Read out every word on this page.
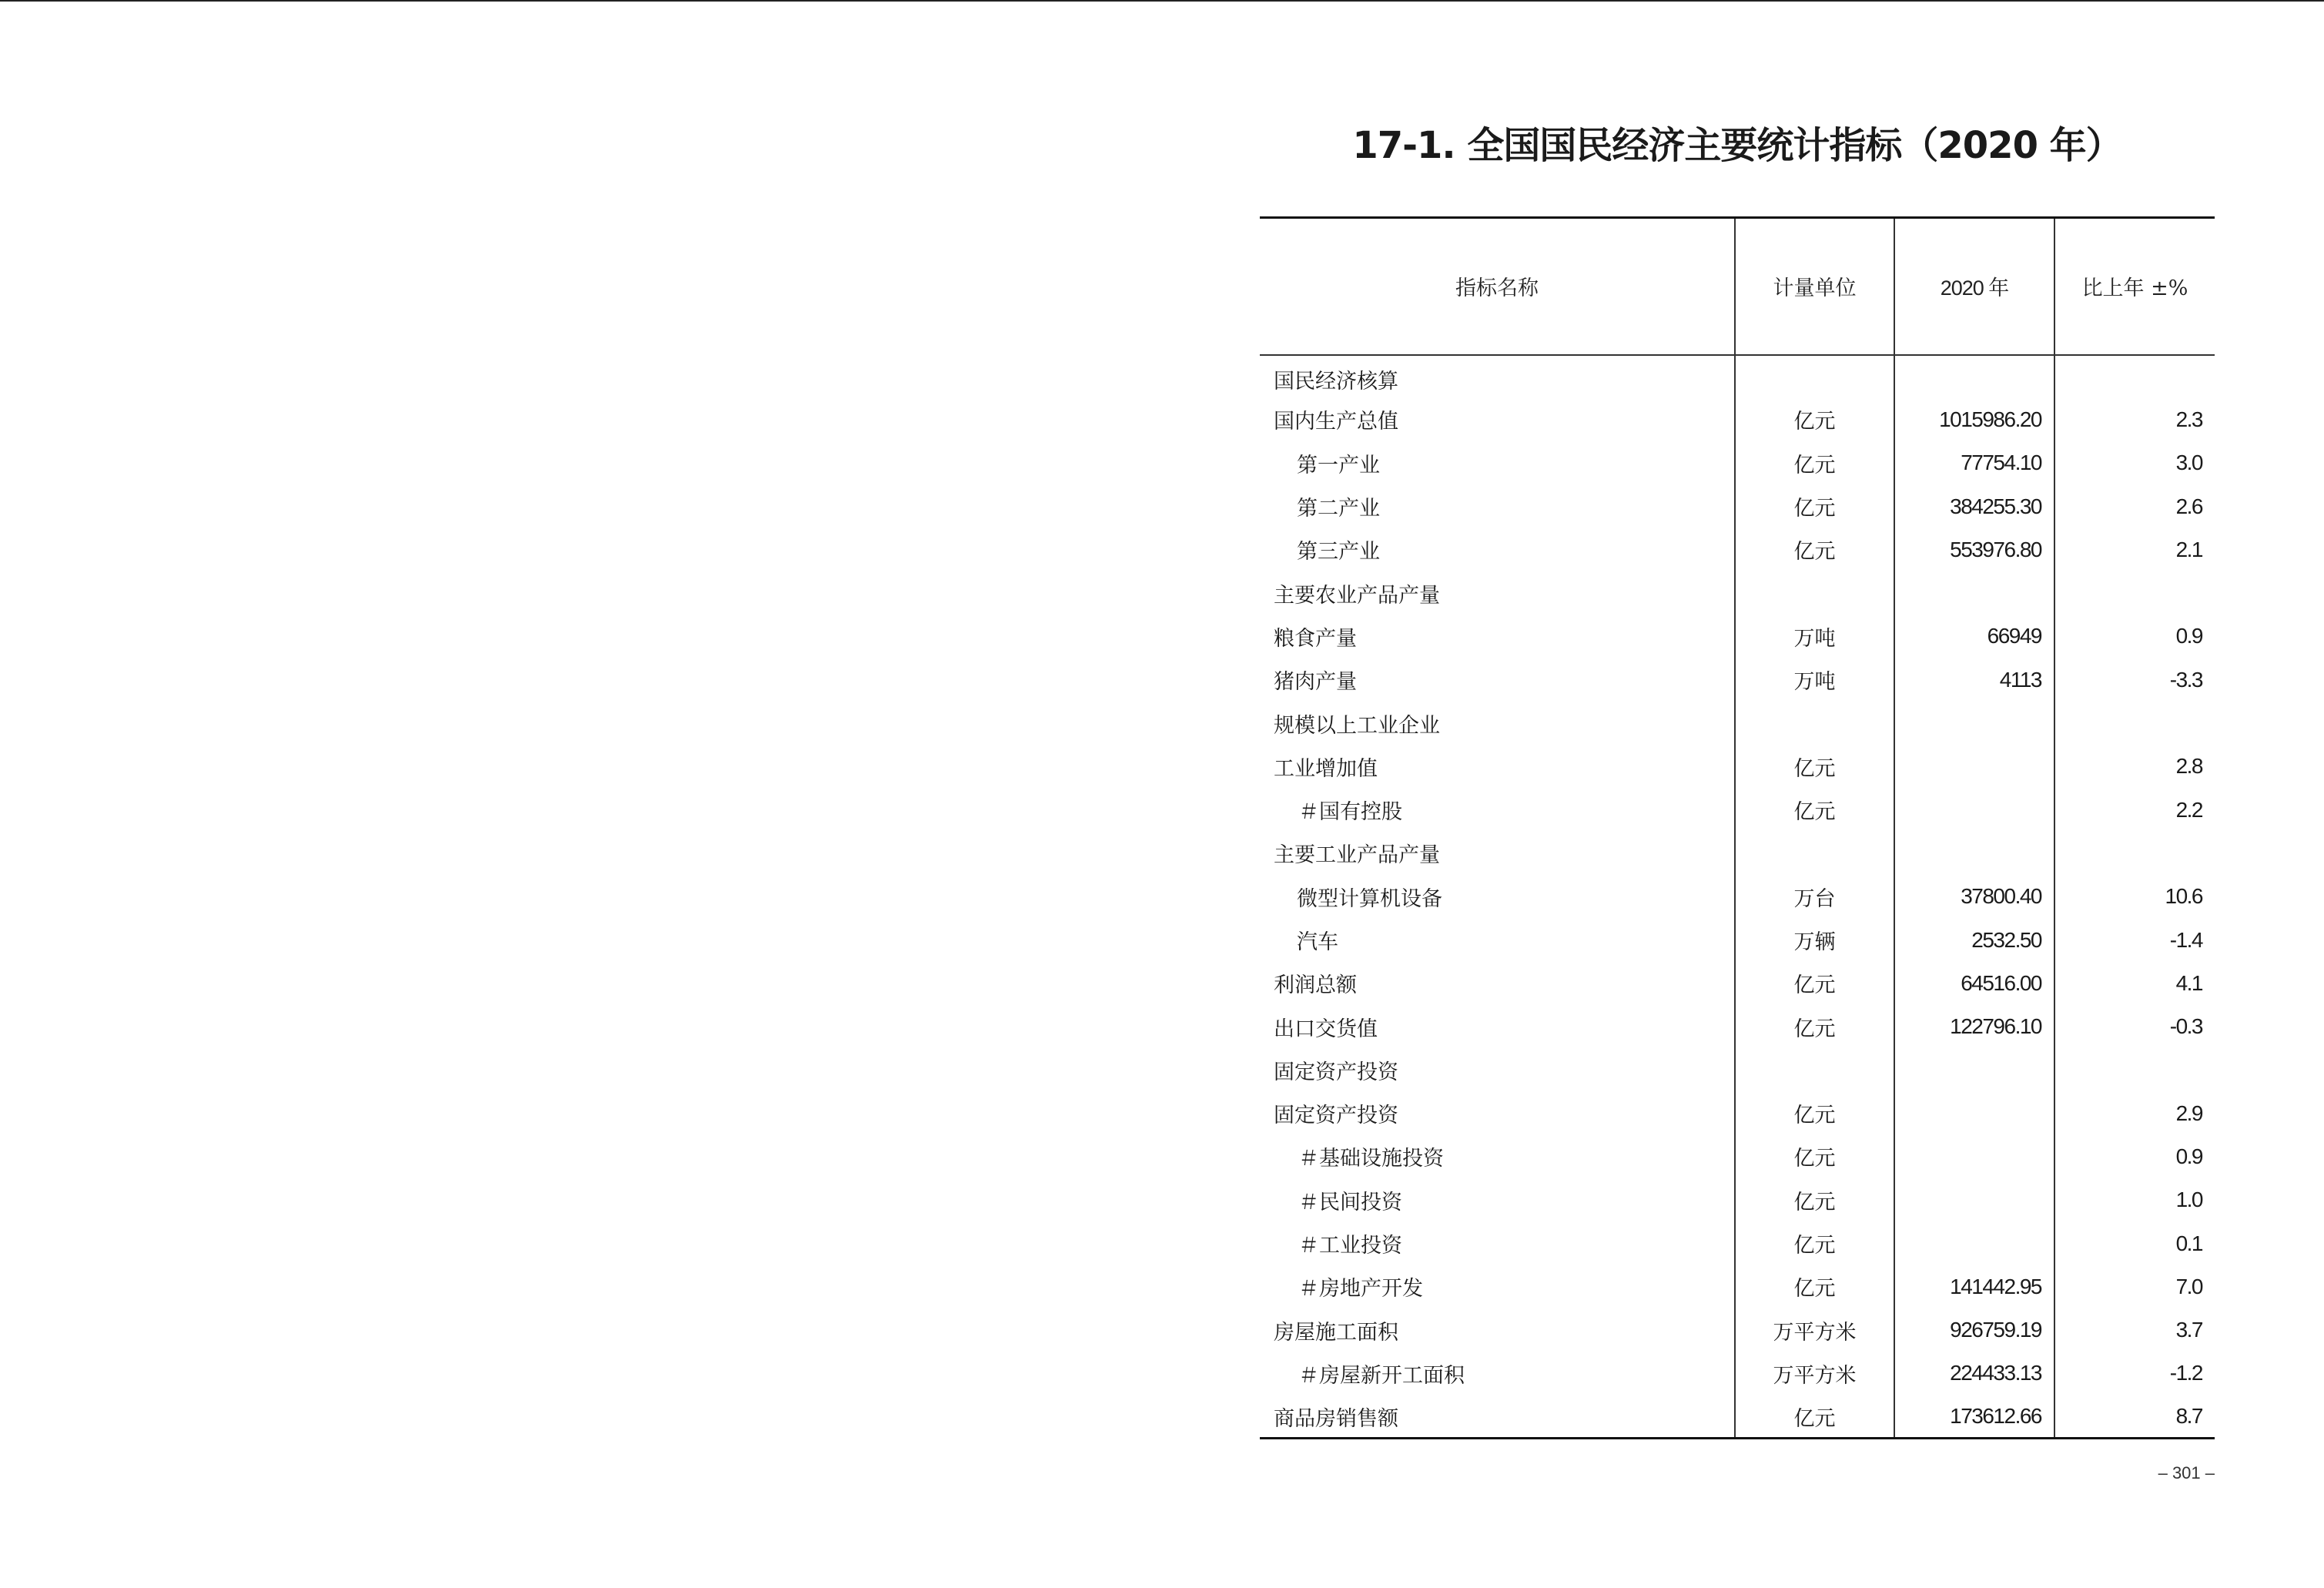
17-1. 全国国民经济主要统计指标（2020 年）
指标名称	计量单位	2020 年	比上年 ±%
国民经济核算			
国内生产总值	亿元	1015986.20	2.3
第一产业	亿元	77754.10	3.0
第二产业	亿元	384255.30	2.6
第三产业	亿元	553976.80	2.1
主要农业产品产量			
粮食产量	万吨	66949	0.9
猪肉产量	万吨	4113	-3.3
规模以上工业企业			
工业增加值	亿元		2.8
＃国有控股	亿元		2.2
主要工业产品产量			
微型计算机设备	万台	37800.40	10.6
汽车	万辆	2532.50	-1.4
利润总额	亿元	64516.00	4.1
出口交货值	亿元	122796.10	-0.3
固定资产投资			
固定资产投资	亿元		2.9
＃基础设施投资	亿元		0.9
＃民间投资	亿元		1.0
＃工业投资	亿元		0.1
＃房地产开发	亿元	141442.95	7.0
房屋施工面积	万平方米	926759.19	3.7
＃房屋新开工面积	万平方米	224433.13	-1.2
商品房销售额	亿元	173612.66	8.7
– 301 –
